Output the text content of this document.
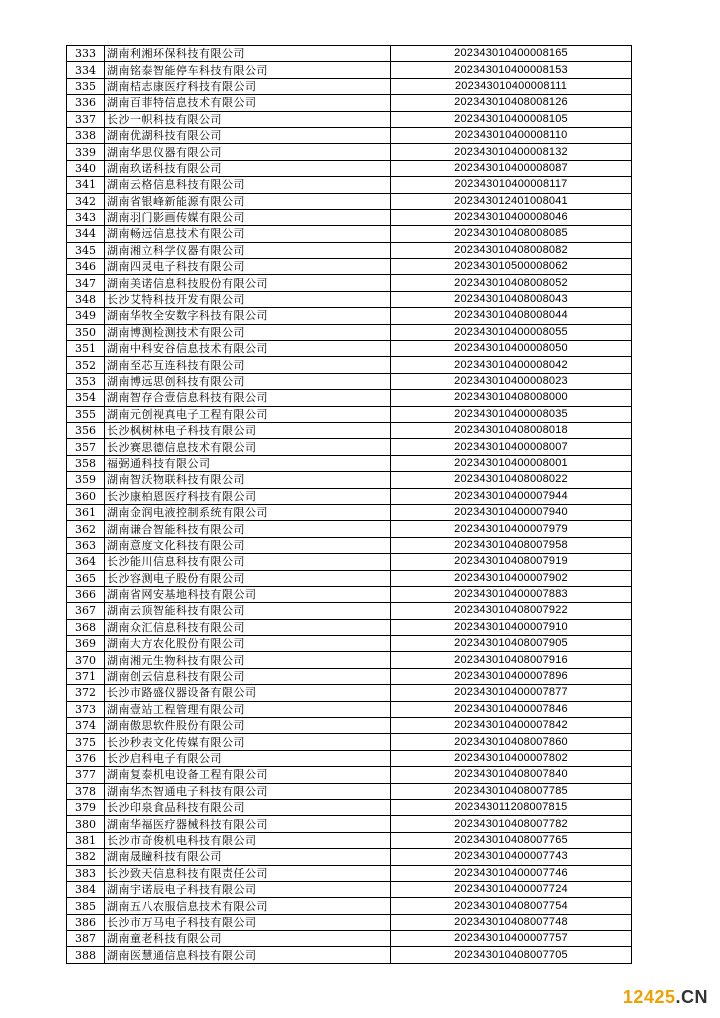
333	湖南利湘环保科技有限公司	202343010400008165
334	湖南铭泰智能停车科技有限公司	202343010400008153
335	湖南桔志康医疗科技有限公司	202343010400008111
336	湖南百菲特信息技术有限公司	202343010408008126
337	长沙一帜科技有限公司	202343010400008105
338	湖南优湖科技有限公司	202343010400008110
339	湖南华思仪器有限公司	202343010400008132
340	湖南玖诺科技有限公司	202343010400008087
341	湖南云格信息科技有限公司	202343010400008117
342	湖南省银峰新能源有限公司	202343012401008041
343	湖南羽门影画传媒有限公司	202343010400008046
344	湖南畅远信息技术有限公司	202343010408008085
345	湖南湘立科学仪器有限公司	202343010408008082
346	湖南四灵电子科技有限公司	202343010500008062
347	湖南美诺信息科技股份有限公司	202343010408008052
348	长沙艾特科技开发有限公司	202343010408008043
349	湖南华牧全安数字科技有限公司	202343010408008044
350	湖南博测检测技术有限公司	202343010400008055
351	湖南中科安谷信息技术有限公司	202343010400008050
352	湖南至芯互连科技有限公司	202343010400008042
353	湖南博远思创科技有限公司	202343010400008023
354	湖南智存合壹信息科技有限公司	202343010408008000
355	湖南元创视真电子工程有限公司	202343010400008035
356	长沙枫树林电子科技有限公司	202343010408008018
357	长沙赛思德信息技术有限公司	202343010400008007
358	福弼通科技有限公司	202343010400008001
359	湖南智沃物联科技有限公司	202343010408008022
360	长沙康柏恩医疗科技有限公司	202343010400007944
361	湖南金润电液控制系统有限公司	202343010400007940
362	湖南谦合智能科技有限公司	202343010400007979
363	湖南意度文化科技有限公司	202343010408007958
364	长沙能川信息科技有限公司	202343010408007919
365	长沙容测电子股份有限公司	202343010400007902
366	湖南省网安基地科技有限公司	202343010400007883
367	湖南云顶智能科技有限公司	202343010408007922
368	湖南众汇信息科技有限公司	202343010400007910
369	湖南大方农化股份有限公司	202343010408007905
370	湖南湘元生物科技有限公司	202343010408007916
371	湖南创云信息科技有限公司	202343010400007896
372	长沙市路盛仪器设备有限公司	202343010400007877
373	湖南壹站工程管理有限公司	202343010400007846
374	湖南傲思软件股份有限公司	202343010400007842
375	长沙秒表文化传媒有限公司	202343010408007860
376	长沙启科电子有限公司	202343010400007802
377	湖南复泰机电设备工程有限公司	202343010408007840
378	湖南华杰智通电子科技有限公司	202343010408007785
379	长沙印泉食品科技有限公司	202343011208007815
380	湖南华福医疗器械科技有限公司	202343010408007782
381	长沙市奇俊机电科技有限公司	202343010408007765
382	湖南晟瞳科技有限公司	202343010400007743
383	长沙致天信息科技有限责任公司	202343010400007746
384	湖南宇诺辰电子科技有限公司	202343010400007724
385	湖南五八农服信息技术有限公司	202343010408007754
386	长沙市万马电子科技有限公司	202343010408007748
387	湖南童老科技有限公司	202343010400007757
388	湖南医慧通信息科技有限公司	202343010408007705
12425.CN
